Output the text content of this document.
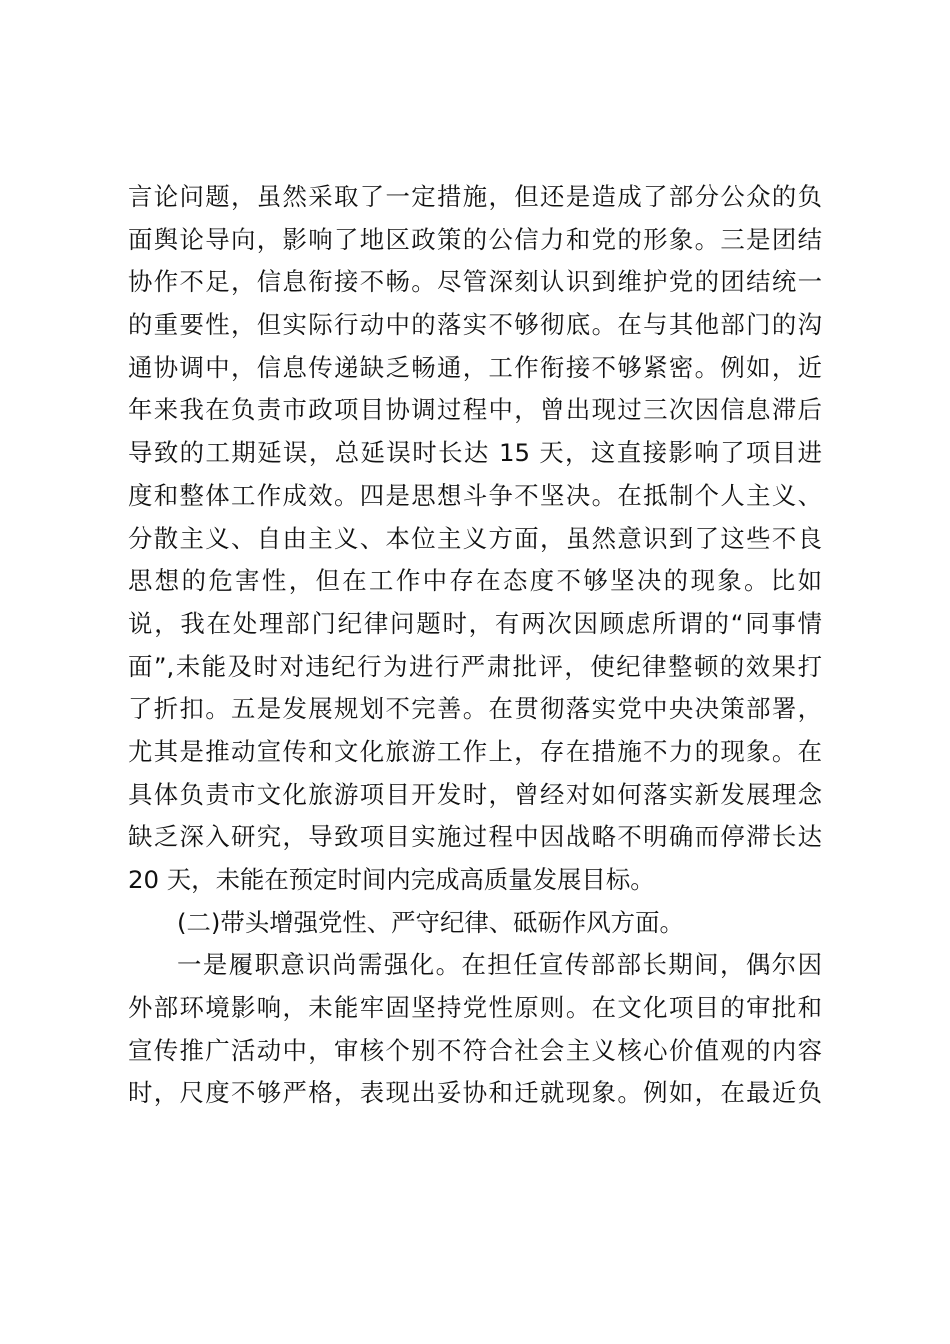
言论问题，虽然采取了一定措施，但还是造成了部分公众的负
面舆论导向，影响了地区政策的公信力和党的形象。三是团结
协作不足，信息衔接不畅。尽管深刻认识到维护党的团结统一
的重要性，但实际行动中的落实不够彻底。在与其他部门的沟
通协调中，信息传递缺乏畅通，工作衔接不够紧密。例如，近
年来我在负责市政项目协调过程中，曾出现过三次因信息滞后
导致的工期延误，总延误时长达 15 天，这直接影响了项目进
度和整体工作成效。四是思想斗争不坚决。在抵制个人主义、
分散主义、自由主义、本位主义方面，虽然意识到了这些不良
思想的危害性，但在工作中存在态度不够坚决的现象。比如
说，我在处理部门纪律问题时，有两次因顾虑所谓的“同事情
面”,未能及时对违纪行为进行严肃批评，使纪律整顿的效果打
了折扣。五是发展规划不完善。在贯彻落实党中央决策部署，
尤其是推动宣传和文化旅游工作上，存在措施不力的现象。在
具体负责市文化旅游项目开发时，曾经对如何落实新发展理念
缺乏深入研究，导致项目实施过程中因战略不明确而停滞长达
20 天，未能在预定时间内完成高质量发展目标。
(二)带头增强党性、严守纪律、砥砺作风方面。
一是履职意识尚需强化。在担任宣传部部长期间，偶尔因
外部环境影响，未能牢固坚持党性原则。在文化项目的审批和
宣传推广活动中，审核个别不符合社会主义核心价值观的内容
时，尺度不够严格，表现出妥协和迁就现象。例如，在最近负
